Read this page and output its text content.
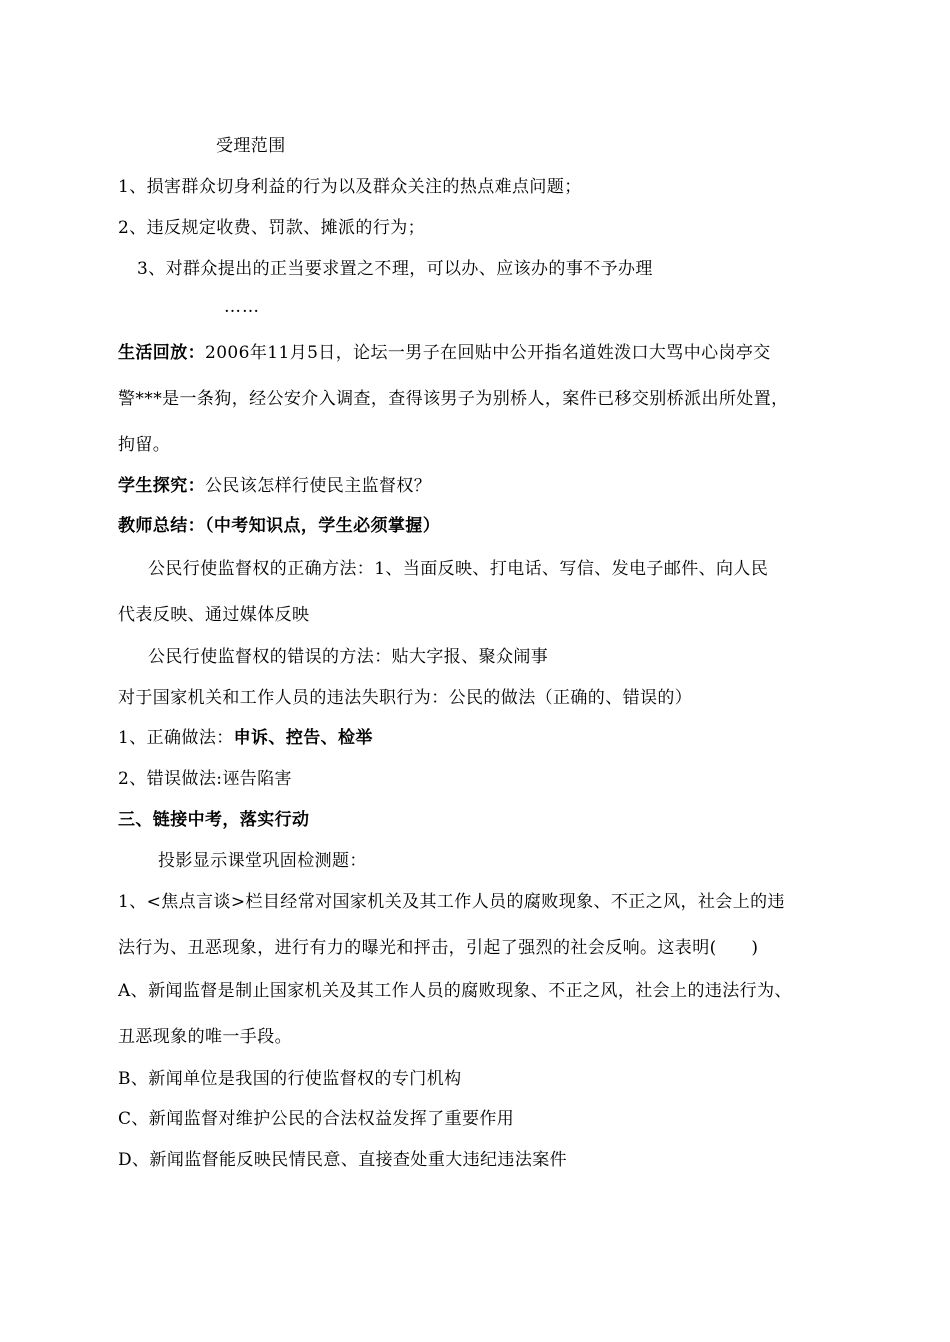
受理范围
1、损害群众切身利益的行为以及群众关注的热点难点问题；
2、违反规定收费、罚款、摊派的行为；
3、对群众提出的正当要求置之不理，可以办、应该办的事不予办理
……
生活回放：2006年11月5日，论坛一男子在回贴中公开指名道姓泼口大骂中心岗亭交
警***是一条狗，经公安介入调查，查得该男子为别桥人，案件已移交别桥派出所处置，
拘留。
学生探究：公民该怎样行使民主监督权？
教师总结：（中考知识点，学生必须掌握）
公民行使监督权的正确方法：1、当面反映、打电话、写信、发电子邮件、向人民
代表反映、通过媒体反映
公民行使监督权的错误的方法：贴大字报、聚众闹事
对于国家机关和工作人员的违法失职行为：公民的做法（正确的、错误的）
1、正确做法：申诉、控告、检举
2、错误做法:诬告陷害
三、链接中考，落实行动
投影显示课堂巩固检测题：
1、<焦点言谈>栏目经常对国家机关及其工作人员的腐败现象、不正之风，社会上的违
法行为、丑恶现象，进行有力的曝光和抨击，引起了强烈的社会反响。这表明(　　)
A、新闻监督是制止国家机关及其工作人员的腐败现象、不正之风，社会上的违法行为、
丑恶现象的唯一手段。
B、新闻单位是我国的行使监督权的专门机构
C、新闻监督对维护公民的合法权益发挥了重要作用
D、新闻监督能反映民情民意、直接查处重大违纪违法案件
